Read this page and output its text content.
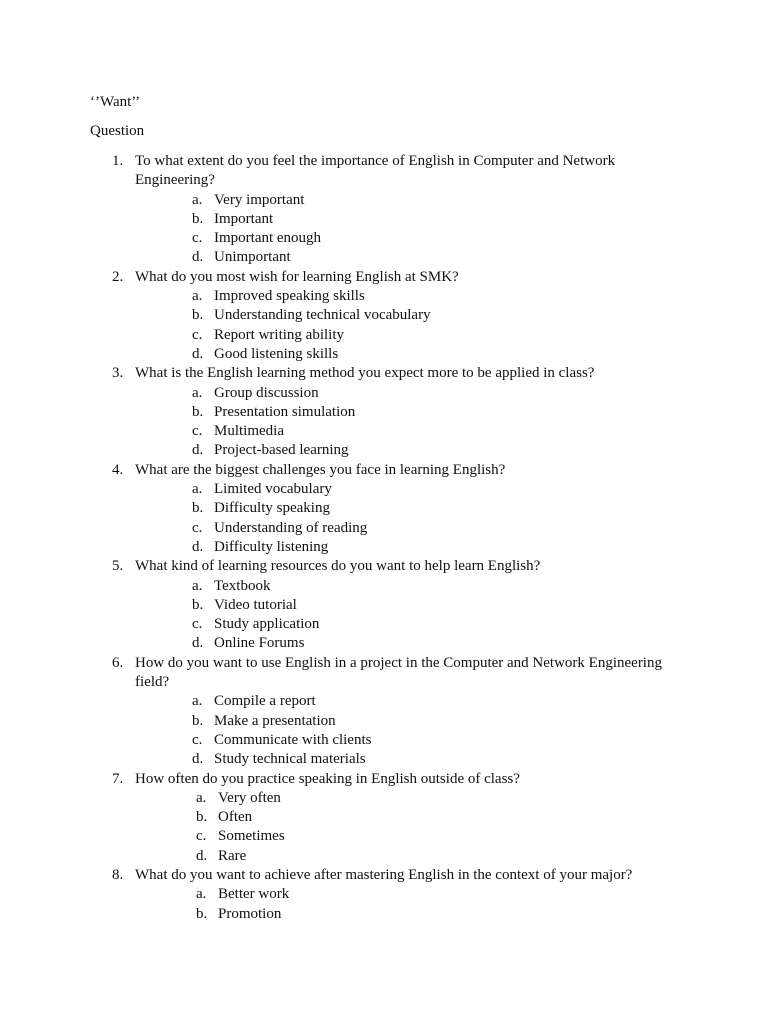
‘’Want’’
Question
1. To what extent do you feel the importance of English in Computer and Network Engineering?
a. Very important
b. Important
c. Important enough
d. Unimportant
2. What do you most wish for learning English at SMK?
a. Improved speaking skills
b. Understanding technical vocabulary
c. Report writing ability
d. Good listening skills
3. What is the English learning method you expect more to be applied in class?
a. Group discussion
b. Presentation simulation
c. Multimedia
d. Project-based learning
4. What are the biggest challenges you face in learning English?
a. Limited vocabulary
b. Difficulty speaking
c. Understanding of reading
d. Difficulty listening
5. What kind of learning resources do you want to help learn English?
a. Textbook
b. Video tutorial
c. Study application
d. Online Forums
6. How do you want to use English in a project in the Computer and Network Engineering field?
a. Compile a report
b. Make a presentation
c. Communicate with clients
d. Study technical materials
7. How often do you practice speaking in English outside of class?
a. Very often
b. Often
c. Sometimes
d. Rare
8. What do you want to achieve after mastering English in the context of your major?
a. Better work
b. Promotion
